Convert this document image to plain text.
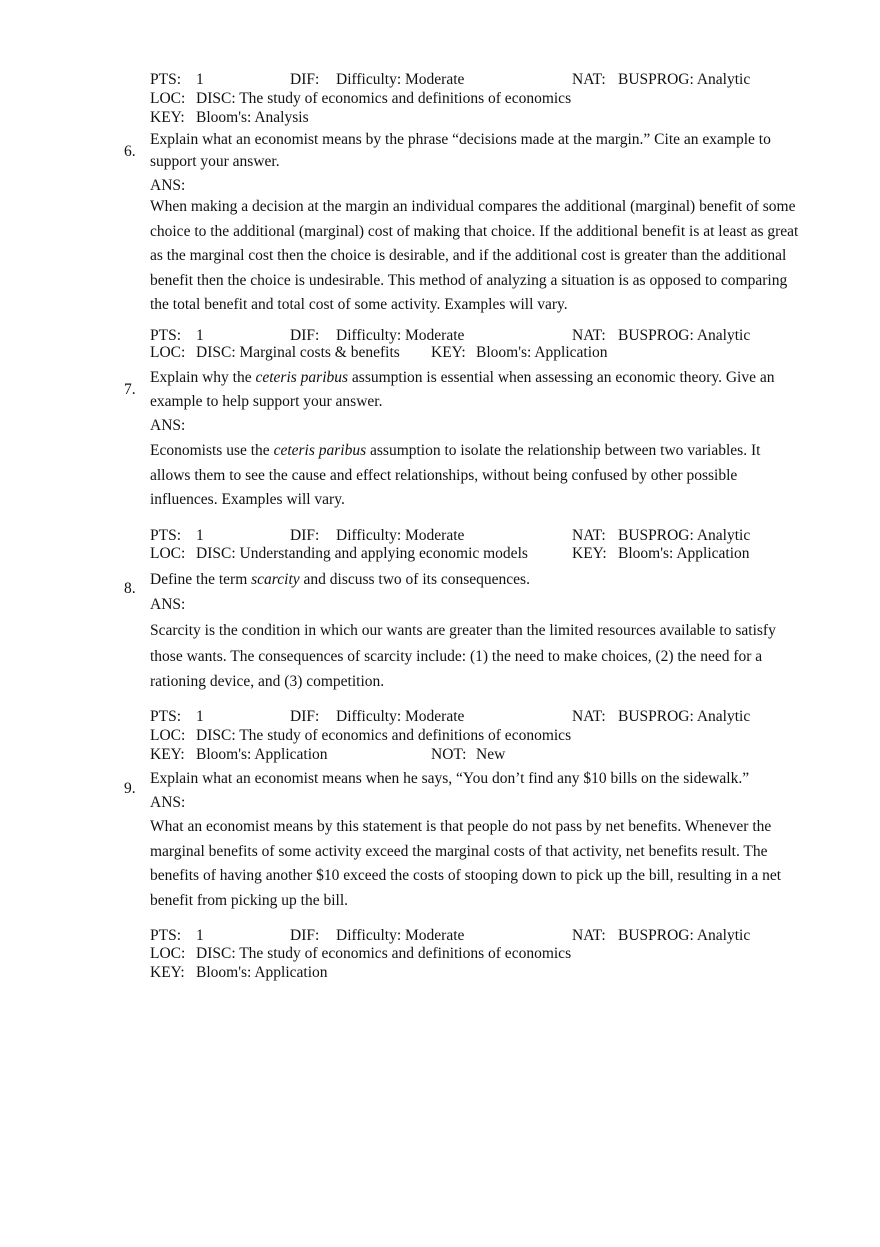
PTS: 1	DIF: Difficulty: Moderate	NAT: BUSPROG: Analytic
LOC: DISC: The study of economics and definitions of economics
KEY: Bloom's: Analysis
6.
Explain what an economist means by the phrase “decisions made at the margin.” Cite an example to
support your answer.
ANS:
When making a decision at the margin an individual compares the additional (marginal) benefit of some choice to the additional (marginal) cost of making that choice. If the additional benefit is at least as great as the marginal cost then the choice is desirable, and if the additional cost is greater than the additional benefit then the choice is undesirable. This method of analyzing a situation is as opposed to comparing the total benefit and total cost of some activity. Examples will vary.
PTS: 1	DIF: Difficulty: Moderate	NAT: BUSPROG: Analytic
LOC: DISC: Marginal costs & benefits KEY: Bloom's: Application
7.
Explain why the ceteris paribus assumption is essential when assessing an economic theory. Give an
example to help support your answer.
ANS:
Economists use the ceteris paribus assumption to isolate the relationship between two variables. It allows them to see the cause and effect relationships, without being confused by other possible influences. Examples will vary.
PTS: 1	DIF: Difficulty: Moderate	NAT: BUSPROG: Analytic
LOC: DISC: Understanding and applying economic models	KEY: Bloom's: Application
8.
Define the term scarcity and discuss two of its consequences.
ANS:
Scarcity is the condition in which our wants are greater than the limited resources available to satisfy those wants. The consequences of scarcity include: (1) the need to make choices, (2) the need for a rationing device, and (3) competition.
PTS: 1	DIF: Difficulty: Moderate	NAT: BUSPROG: Analytic
LOC: DISC: The study of economics and definitions of economics
KEY: Bloom's: Application	NOT: New
9.
Explain what an economist means when he says, “You don’t find any $10 bills on the sidewalk.”
ANS:
What an economist means by this statement is that people do not pass by net benefits. Whenever the marginal benefits of some activity exceed the marginal costs of that activity, net benefits result. The benefits of having another $10 exceed the costs of stooping down to pick up the bill, resulting in a net benefit from picking up the bill.
PTS: 1	DIF: Difficulty: Moderate	NAT: BUSPROG: Analytic
LOC: DISC: The study of economics and definitions of economics
KEY: Bloom's: Application
